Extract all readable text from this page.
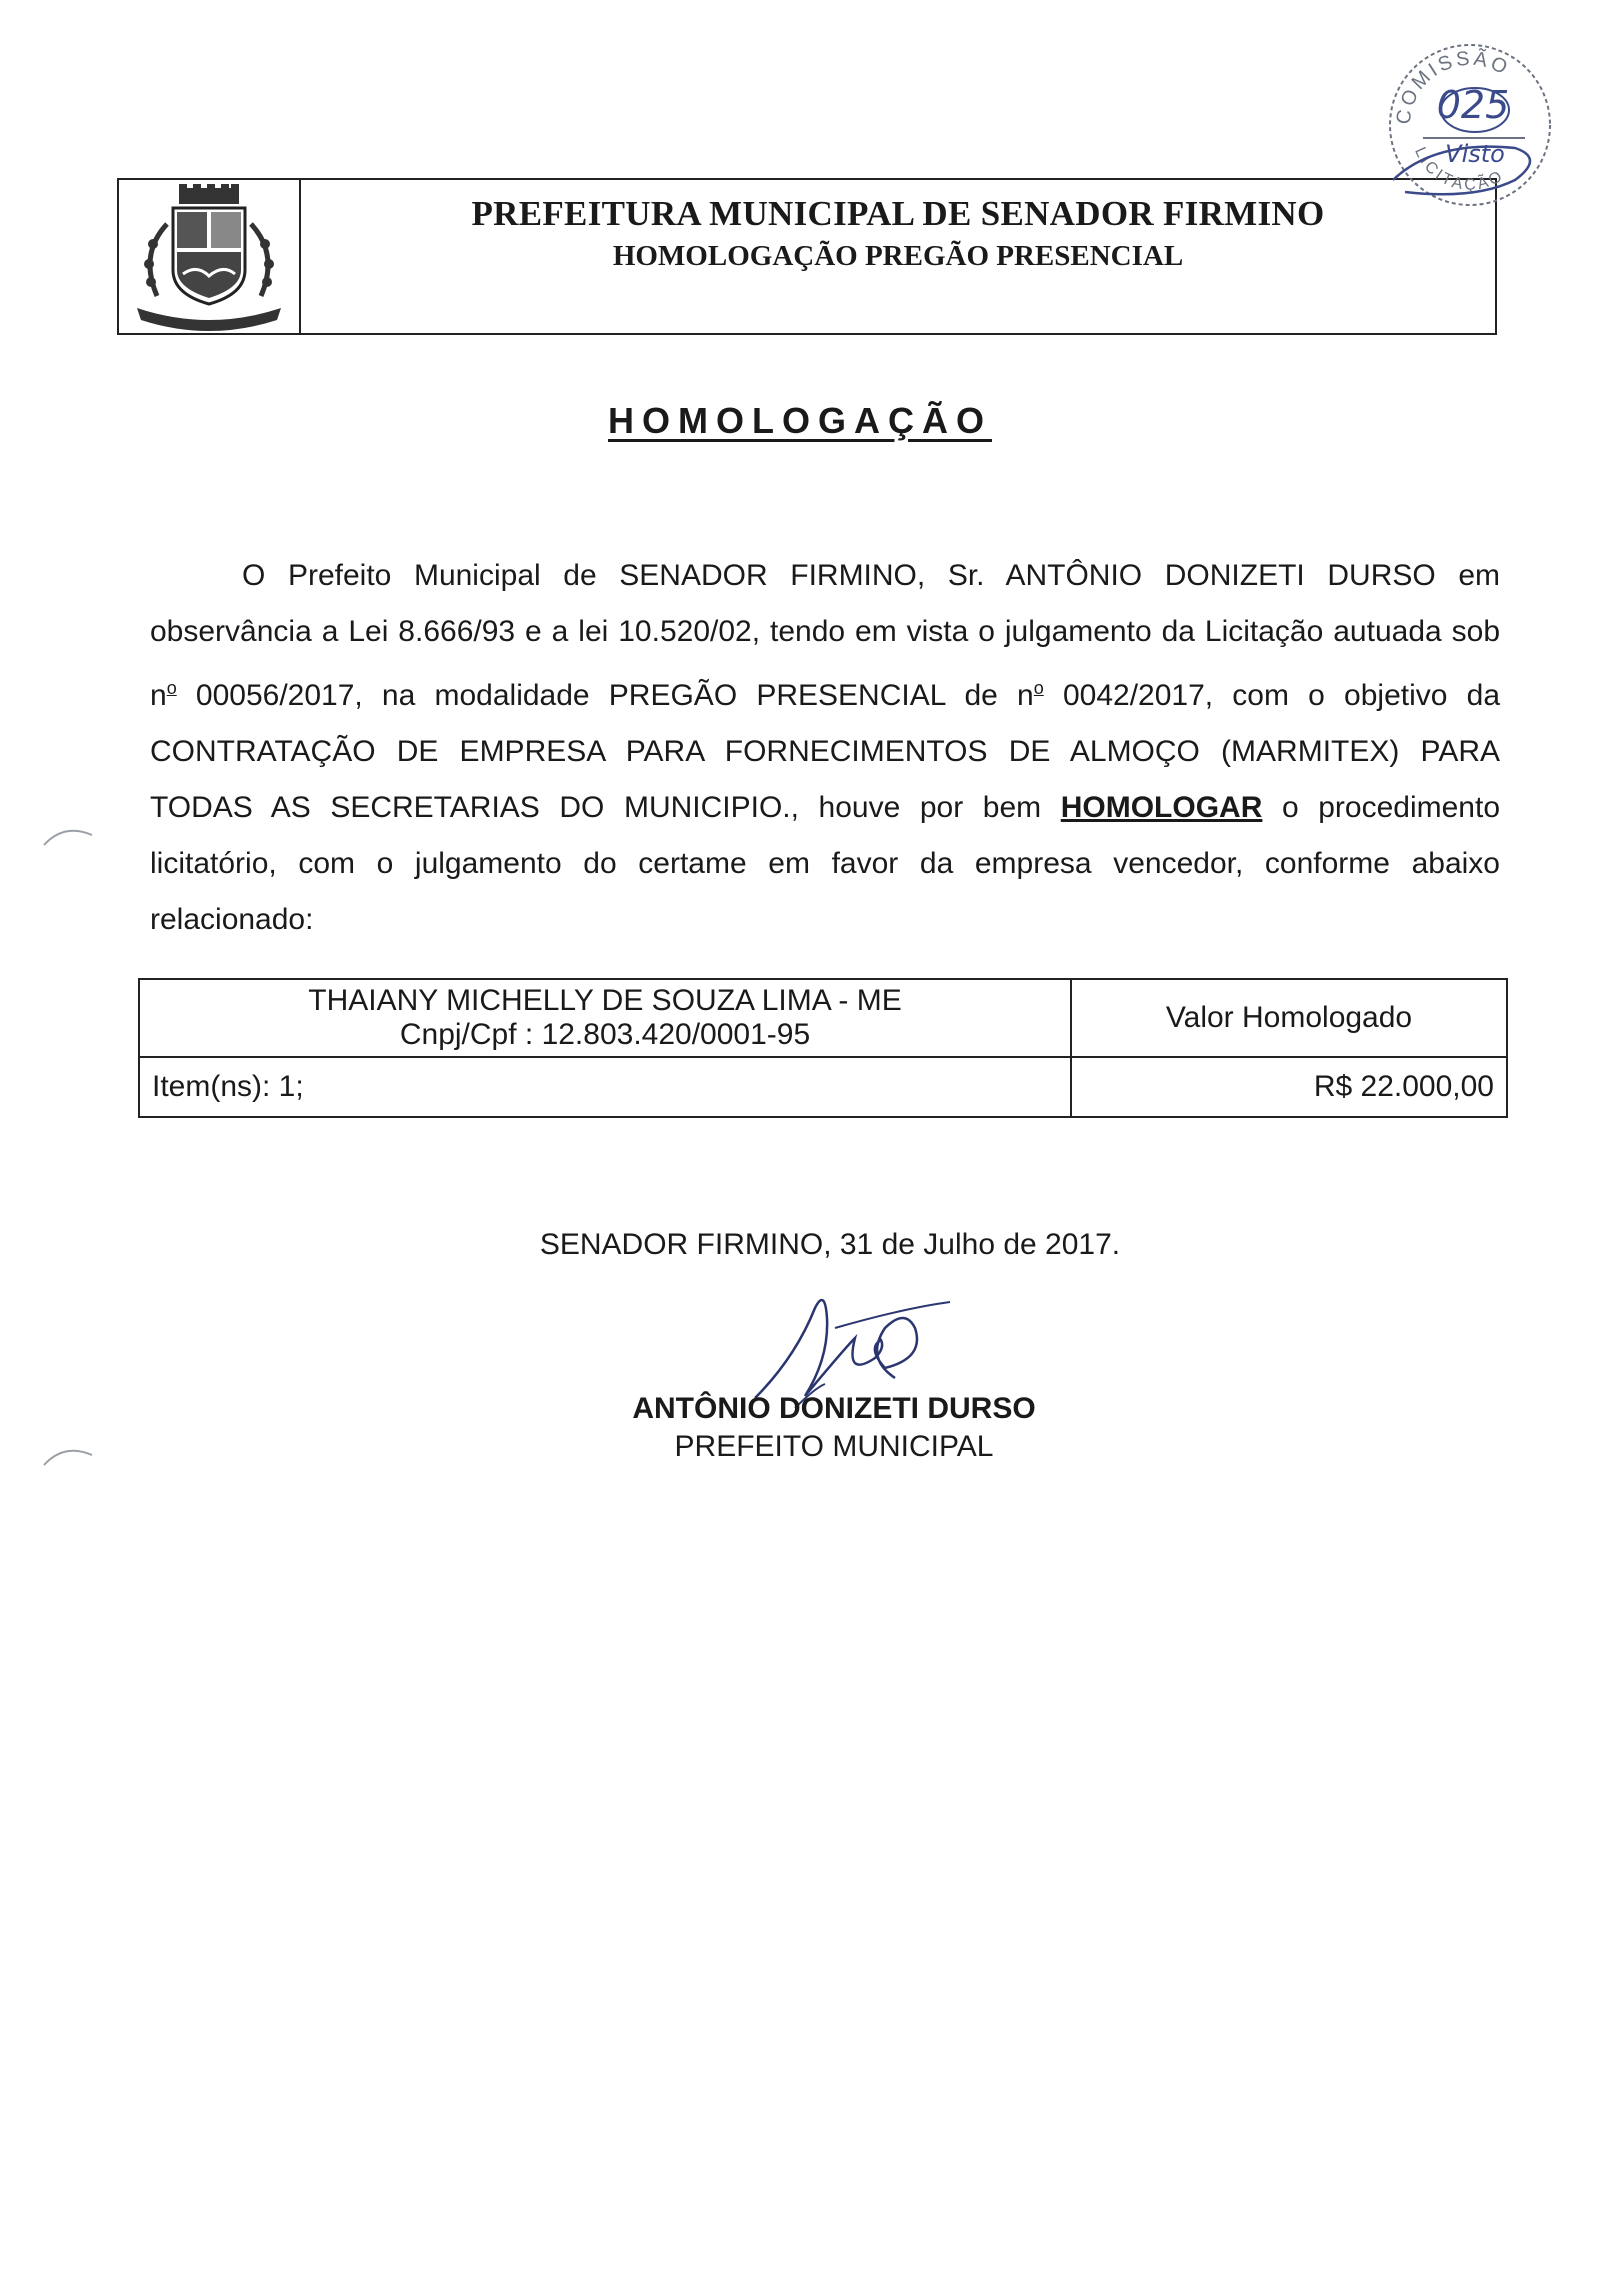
PREFEITURA MUNICIPAL DE SENADOR FIRMINO
HOMOLOGAÇÃO PREGÃO PRESENCIAL
COMISSÃO
LICITAÇÃO
025
Visto
HOMOLOGAÇÃO
O Prefeito Municipal de SENADOR FIRMINO, Sr. ANTÔNIO DONIZETI DURSO em observância a Lei 8.666/93 e a lei 10.520/02, tendo em vista o julgamento da Licitação autuada sob $n^o$ 00056/2017, na modalidade PREGÃO PRESENCIAL de $n^o$ 0042/2017, com o objetivo da CONTRATAÇÃO DE EMPRESA PARA FORNECIMENTOS DE ALMOÇO (MARMITEX) PARA TODAS AS SECRETARIAS DO MUNICIPIO., houve por bem HOMOLOGAR o procedimento licitatório, com o julgamento do certame em favor da empresa vencedor, conforme abaixo relacionado:
THAIANY MICHELLY DE SOUZA LIMA - ME
Cnpj/Cpf : 12.803.420/0001-95	Valor Homologado
Item(ns): 1;	R$ 22.000,00
SENADOR FIRMINO, 31 de Julho de 2017.
ANTÔNIO DONIZETI DURSO
PREFEITO MUNICIPAL
